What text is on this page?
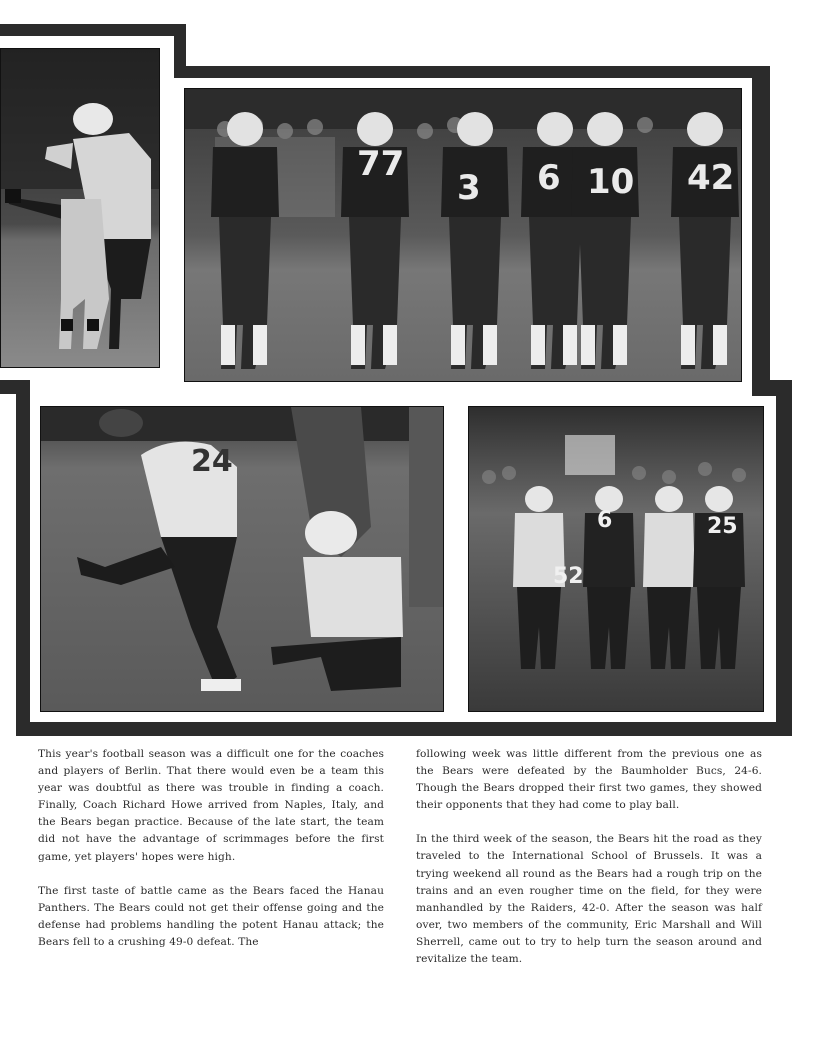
77
3 6 10 42
24
6	25
52

This year's football season was a difficult one for the coaches and players of Berlin. That there would even be a team this year was doubtful as there was trouble in finding a coach. Finally, Coach Richard Howe arrived from Naples, Italy, and the Bears began practice. Because of the late start, the team did not have the advantage of scrimmages before the first game, yet players' hopes were high.

The first taste of battle came as the Bears faced the Hanau Panthers. The Bears could not get their offense going and the defense had problems handling the potent Hanau attack; the Bears fell to a crushing 49-0 defeat. The

following week was little different from the previous one as the Bears were defeated by the Baumholder Bucs, 24-6. Though the Bears dropped their first two games, they showed their opponents that they had come to play ball.

In the third week of the season, the Bears hit the road as they traveled to the International School of Brussels. It was a trying weekend all round as the Bears had a rough trip on the trains and an even rougher time on the field, for they were manhandled by the Raiders, 42-0. After the season was half over, two members of the community, Eric Marshall and Will Sherrell, came out to try to help turn the season around and revitalize the team.
